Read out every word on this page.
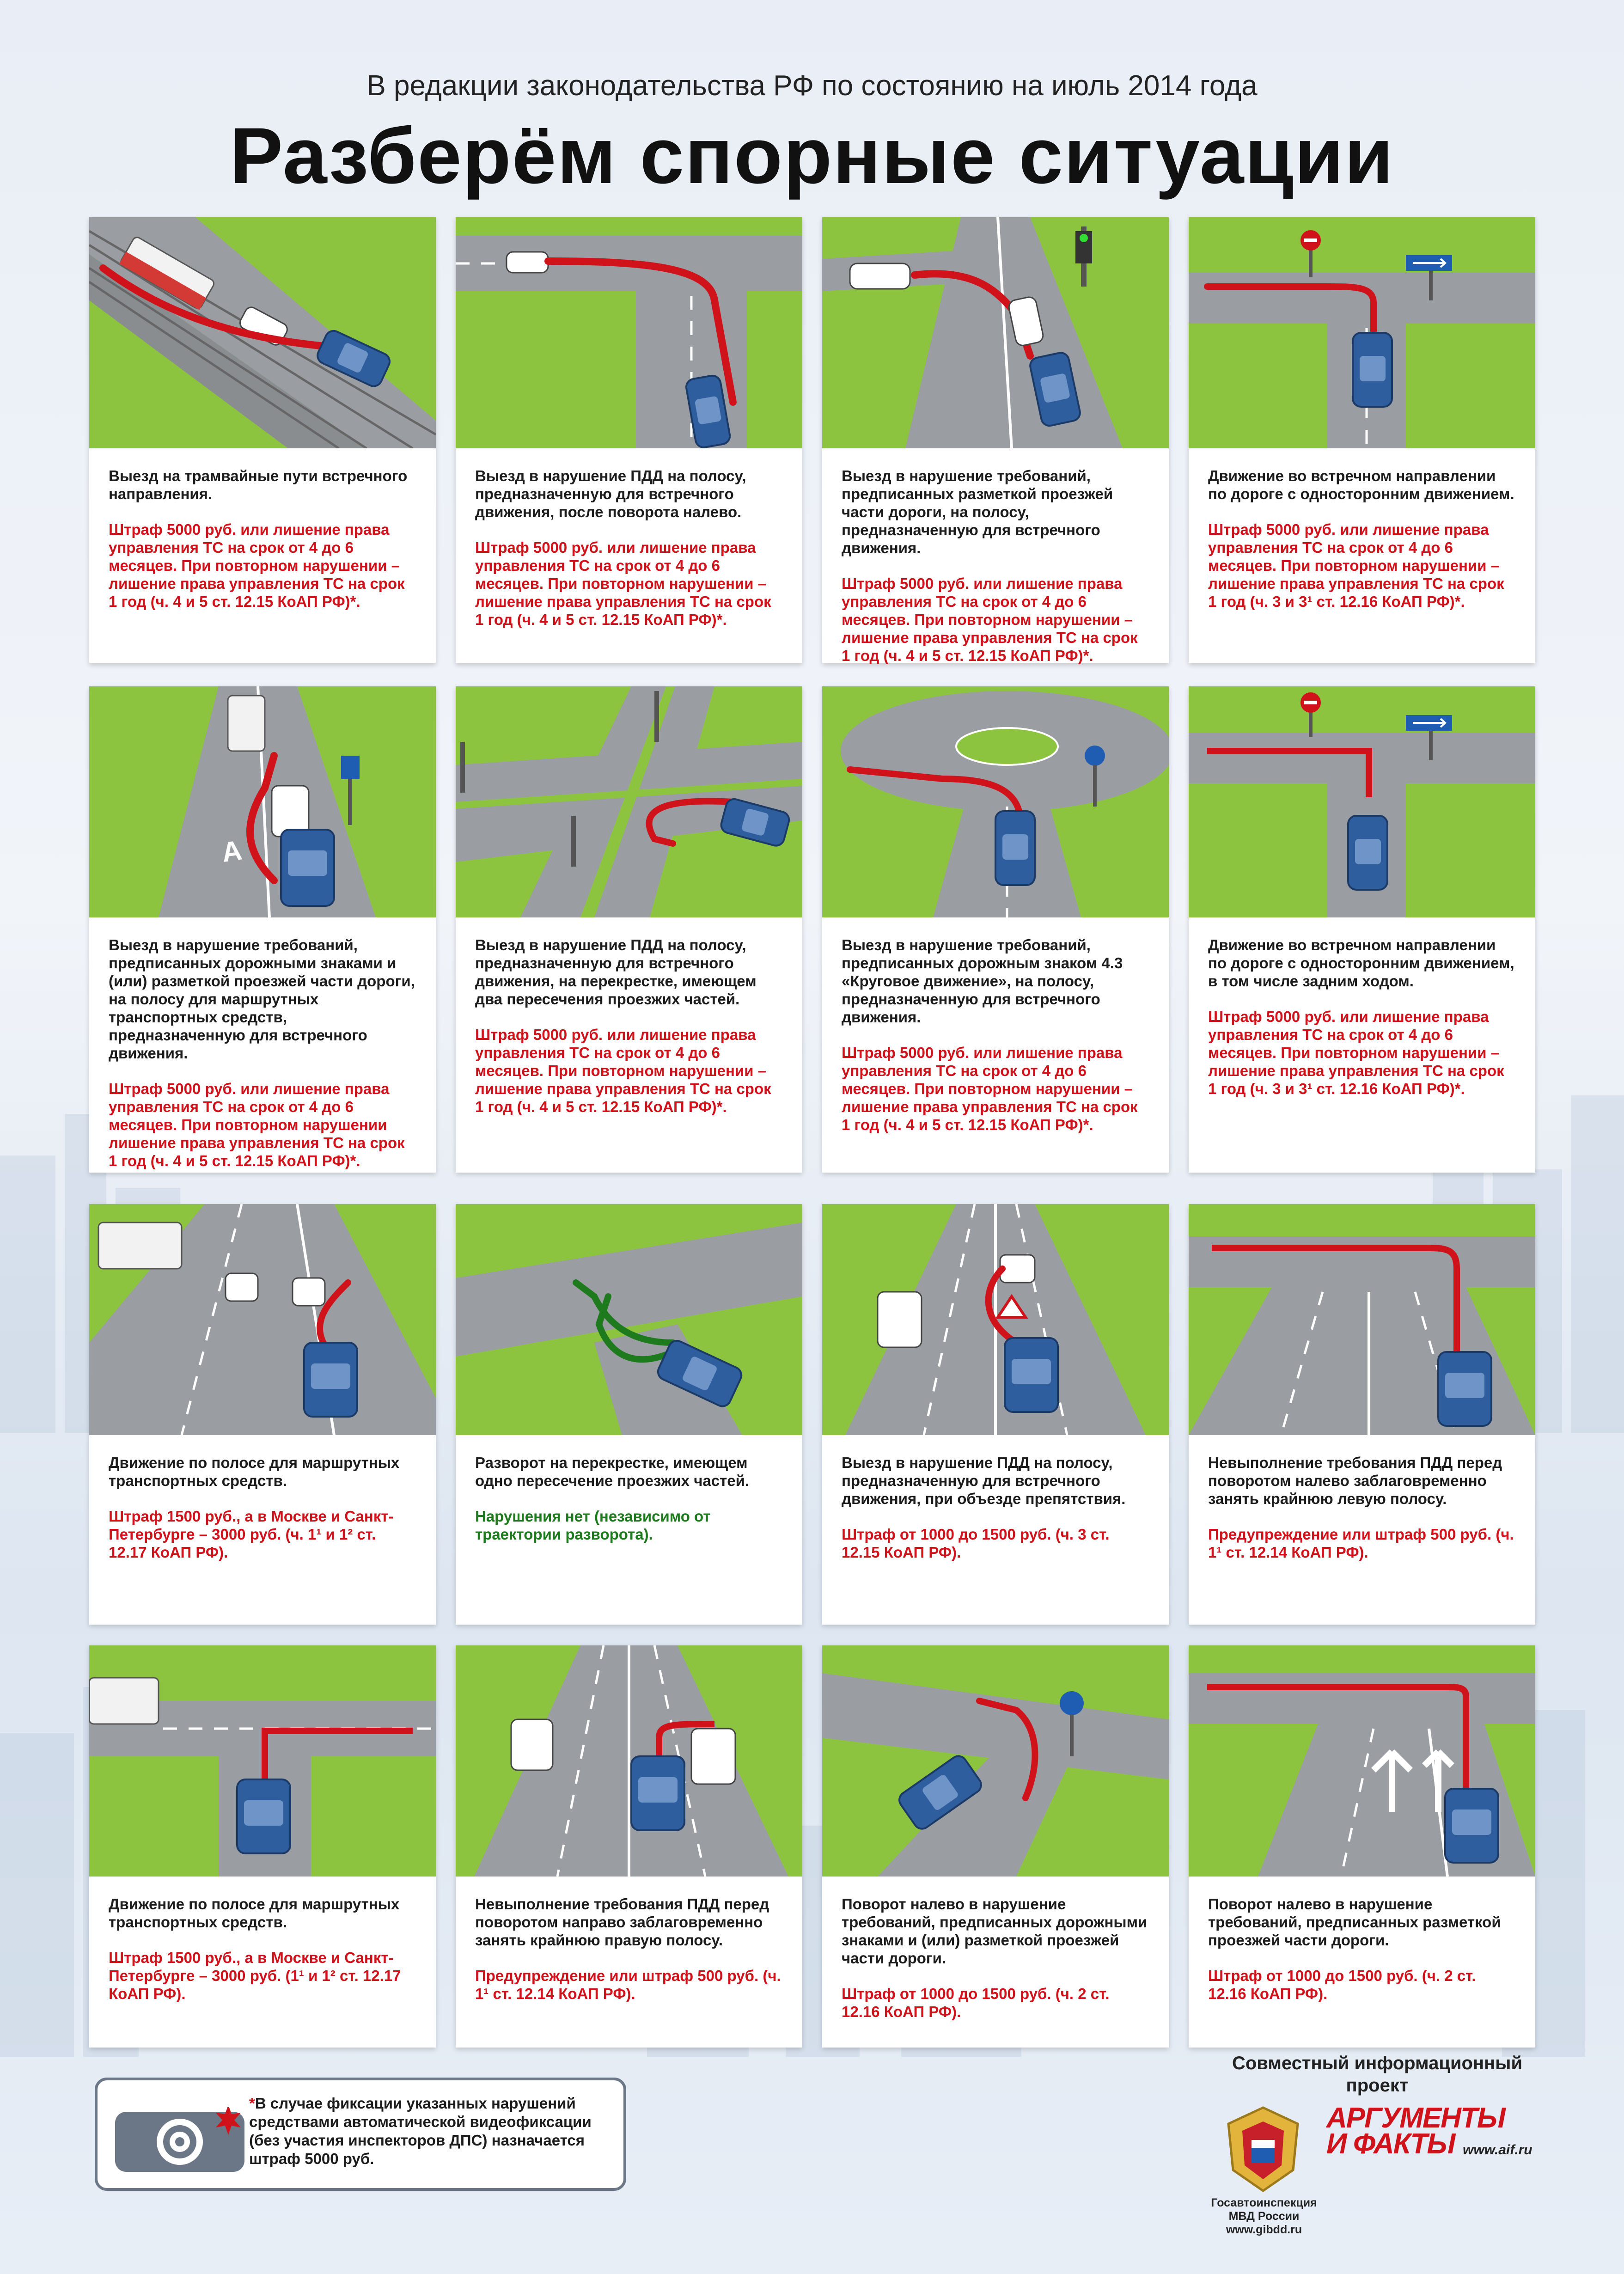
В редакции законодательства РФ по состоянию на июль 2014 года
Разберём спорные ситуации
Выезд на трамвайные пути встречного направления.
Штраф 5000 руб. или лишение права управления ТС на срок от 4 до 6 месяцев. При повторном нарушении – лишение права управления ТС на срок 1 год (ч. 4 и 5 ст. 12.15 КоАП РФ)*.
Выезд в нарушение ПДД на полосу, предназначенную для встречного движения, после поворота налево.
Штраф 5000 руб. или лишение права управления ТС на срок от 4 до 6 месяцев. При повторном нарушении – лишение права управления ТС на срок 1 год (ч. 4 и 5 ст. 12.15 КоАП РФ)*.
Выезд в нарушение требований, предписанных разметкой проезжей части дороги, на полосу, предназначенную для встречного движения.
Штраф 5000 руб. или лишение права управления ТС на срок от 4 до 6 месяцев. При повторном нарушении – лишение права управления ТС на срок 1 год (ч. 4 и 5 ст. 12.15 КоАП РФ)*.
Движение во встречном направлении по дороге с односторонним движением.
Штраф 5000 руб. или лишение права управления ТС на срок от 4 до 6 месяцев. При повторном нарушении – лишение права управления ТС на срок 1 год (ч. 3 и 3¹ ст. 12.16 КоАП РФ)*.
A
Выезд в нарушение требований, предписанных дорожными знаками и (или) разметкой проезжей части дороги, на полосу для маршрутных транспортных средств, предназначенную для встречного движения.
Штраф 5000 руб. или лишение права управления ТС на срок от 4 до 6 месяцев. При повторном нарушении лишение права управления ТС на срок 1 год (ч. 4 и 5 ст. 12.15 КоАП РФ)*.
Выезд в нарушение ПДД на полосу, предназначенную для встречного движения, на перекрестке, имеющем два пересечения проезжих частей.
Штраф 5000 руб. или лишение права управления ТС на срок от 4 до 6 месяцев. При повторном нарушении – лишение права управления ТС на срок 1 год (ч. 4 и 5 ст. 12.15 КоАП РФ)*.
Выезд в нарушение требований, предписанных дорожным знаком 4.3 «Круговое движение», на полосу, предназначенную для встречного движения.
Штраф 5000 руб. или лишение права управления ТС на срок от 4 до 6 месяцев. При повторном нарушении – лишение права управления ТС на срок 1 год (ч. 4 и 5 ст. 12.15 КоАП РФ)*.
Движение во встречном направлении по дороге с односторонним движением, в том числе задним ходом.
Штраф 5000 руб. или лишение права управления ТС на срок от 4 до 6 месяцев. При повторном нарушении – лишение права управления ТС на срок 1 год (ч. 3 и 3¹ ст. 12.16 КоАП РФ)*.
Движение по полосе для маршрутных транспортных средств.
Штраф 1500 руб., а в Москве и Санкт-Петербурге – 3000 руб. (ч. 1¹ и 1² ст. 12.17 КоАП РФ).
Разворот на перекрестке, имеющем одно пересечение проезжих частей.
Нарушения нет (независимо от траектории разворота).
Выезд в нарушение ПДД на полосу, предназначенную для встречного движения, при объезде препятствия.
Штраф от 1000 до 1500 руб. (ч. 3 ст. 12.15 КоАП РФ).
Невыполнение требования ПДД перед поворотом налево заблаговременно занять крайнюю левую полосу.
Предупреждение или штраф 500 руб. (ч. 1¹ ст. 12.14 КоАП РФ).
Движение по полосе для маршрутных транспортных средств.
Штраф 1500 руб., а в Москве и Санкт-Петербурге – 3000 руб. (1¹ и 1² ст. 12.17 КоАП РФ).
Невыполнение требования ПДД перед поворотом направо заблаговременно занять крайнюю правую полосу.
Предупреждение или штраф 500 руб. (ч. 1¹ ст. 12.14 КоАП РФ).
Поворот налево в нарушение требований, предписанных дорожными знаками и (или) разметкой проезжей части дороги.
Штраф от 1000 до 1500 руб. (ч. 2 ст. 12.16 КоАП РФ).
Поворот налево в нарушение требований, предписанных разметкой проезжей части дороги.
Штраф от 1000 до 1500 руб. (ч. 2 ст. 12.16 КоАП РФ).
*В случае фиксации указанных нарушений средствами автоматической видеофиксации (без участия инспекторов ДПС) назначается штраф 5000 руб.
Совместный информационный проект
Госавтоинспекция МВД России www.gibdd.ru
АРГУМЕНТЫ
И ФАКТЫ www.aif.ru
